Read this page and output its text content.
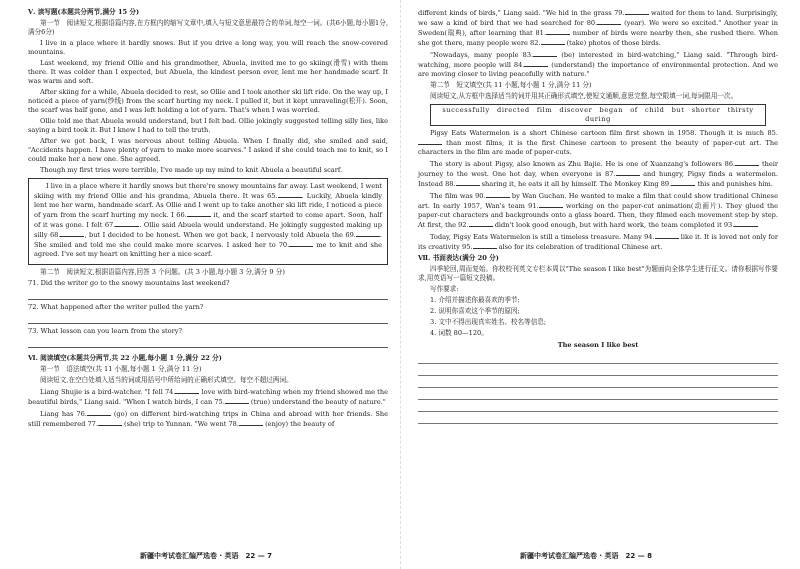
Ⅴ. 读写题(本题共分两节,满分 15 分)

第一节　阅读短文,根据语篇内容,在方框内的缩写文章中,填入与短文意思最符合的单词,每空一词。(共6小题,每小题1分,满分6分)

I live in a place where it hardly snows. But if you drive a long way, you will reach the snow-covered mountains.

Last weekend, my friend Ollie and his grandmother, Abuela, invited me to go skiing(滑雪) with them there. It was colder than I expected, but Abuela, the kindest person ever, lent me her handmade scarf. It was warm and soft.

After skiing for a while, Abuela decided to rest, so Ollie and I took another ski lift ride. On the way up, I noticed a piece of yarn(纱线) from the scarf hurting my neck. I pulled it, but it kept unraveling(松开). Soon, the scarf was half gone, and I was left holding a lot of yarn. That's when I was worried.

Ollie told me that Abuela would understand, but I felt bad. Ollie jokingly suggested telling silly lies, like saying a bird took it. But I knew I had to tell the truth.

After we got back, I was nervous about telling Abuela. When I finally did, she smiled and said, "Accidents happen. I have plenty of yarn to make more scarves." I asked if she could teach me to knit, so I could make her a new one. She agreed.

Though my first tries were terrible, I've made up my mind to knit Abuela a beautiful scarf.

I live in a place where it hardly snows but there're snowy mountains far away. Last weekend, I went skiing with my friend Ollie and his grandma, Abuela there. It was 65.	. Luckily, Abuela kindly lent me her warm, handmade scarf. As Ollie and I went up to take another ski lift ride, I noticed a piece of yarn from the scarf hurting my neck. I 66.	it, and the scarf started to come apart. Soon, half of it was gone. I felt 67.	. Ollie said Abuela would understand. He jokingly suggested making up silly 68.	, but I decided to be honest. When we got back, I nervously told Abuela the 69.	. She smiled and told me she could make more scarves. I asked her to 70.	me to knit and she agreed. I've set my heart on knitting her a nice scarf.

第二节　阅读短文,根据语篇内容,回答 3 个问题。(共 3 小题,每小题 3 分,满分 9 分)

71. Did the writer go to the snowy mountains last weekend?

72. What happened after the writer pulled the yarn?

73. What lesson can you learn from the story?

Ⅵ. 阅读填空(本题共分两节,共 22 小题,每小题 1 分,满分 22 分)

第一节　语法填空(共 11 小题,每小题 1 分,满分 11 分)

阅读短文,在空白处填入适当的词或用括号中所给词的正确形式填空。每空不超过两词。

Liang Shujie is a bird-watcher. "I fell 74.	love with bird-watching when my friend showed me the beautiful birds," Liang said. "When I watch birds, I can 75.	(true) understand the beauty of nature."

Liang has 76.	(go) on different bird-watching trips in China and abroad with her friends. She still remembered 77.	(she) trip to Yunnan. "We went 78.	(enjoy) the beauty of

different kinds of birds," Liang said. "We hid in the grass 79.	waited for them to land. Surprisingly, we saw a kind of bird that we had searched for 80.	(year). We were so excited." Another year in Sweden(瑞典), after learning that 81.	number of birds were nearby then, she rushed there. When she got there, many people were 82.	(take) photos of those birds.

"Nowadays, many people 83.	(be) interested in bird-watching," Liang said. "Through bird-watching, more people will 84.	(understand) the importance of environmental protection. And we are moving closer to living peacefully with nature."

第二节　短文填空(共 11 小题,每小题 1 分,满分 11 分)

阅读短文,从方框中选择适当的词并用其正确形式填空,使短文通顺,意思完整,每空限填一词,每词限用一次。

successfully　directed　film　discover　began　of　child　but　shorter　thirsty　during

Pigsy Eats Watermelon is a short Chinese cartoon film first shown in 1958. Though it is much 85. than most films, it is the first Chinese cartoon to present the beauty of paper-cut art. The characters in the film are made of paper-cuts.

The story is about Pigsy, also known as Zhu Bajie. He is one of Xuanzang's followers 86.	their journey to the west. One hot day, when everyone is 87.	and hungry, Pigsy finds a watermelon. Instead 88.	sharing it, he eats it all by himself. The Monkey King 89.	this and punishes him.

The film was 90.	by Wan Guchan. He wanted to make a film that could show traditional Chinese art. In early 1957, Wan's team 91.	working on the paper-cut animation(动画片). They glued the paper-cut characters and backgrounds onto a glass board. Then, they filmed each movement step by step. At first, the 92.	didn't look good enough, but with hard work, the team completed it 93.

Today, Pigsy Eats Watermelon is still a timeless treasure. Many 94.	like it. It is loved not only for its creativity 95.	also for its celebration of traditional Chinese art.

Ⅶ. 书面表达(满分 20 分)

四季轮回,周而复始。你校校刊英文专栏本周以"The season I like best"为题面向全体学生进行征文。请你根据写作要求,用英语写一篇短文投稿。

写作要求:

1. 介绍并描述你最喜欢的季节;

2. 说明你喜欢这个季节的原因;

3. 文中不得出现真实姓名、校名等信息;

4. 词数 80—120。

The season I like best

新疆中考试卷汇编严选卷 · 英语　22 — 7	新疆中考试卷汇编严选卷 · 英语　22 — 8
